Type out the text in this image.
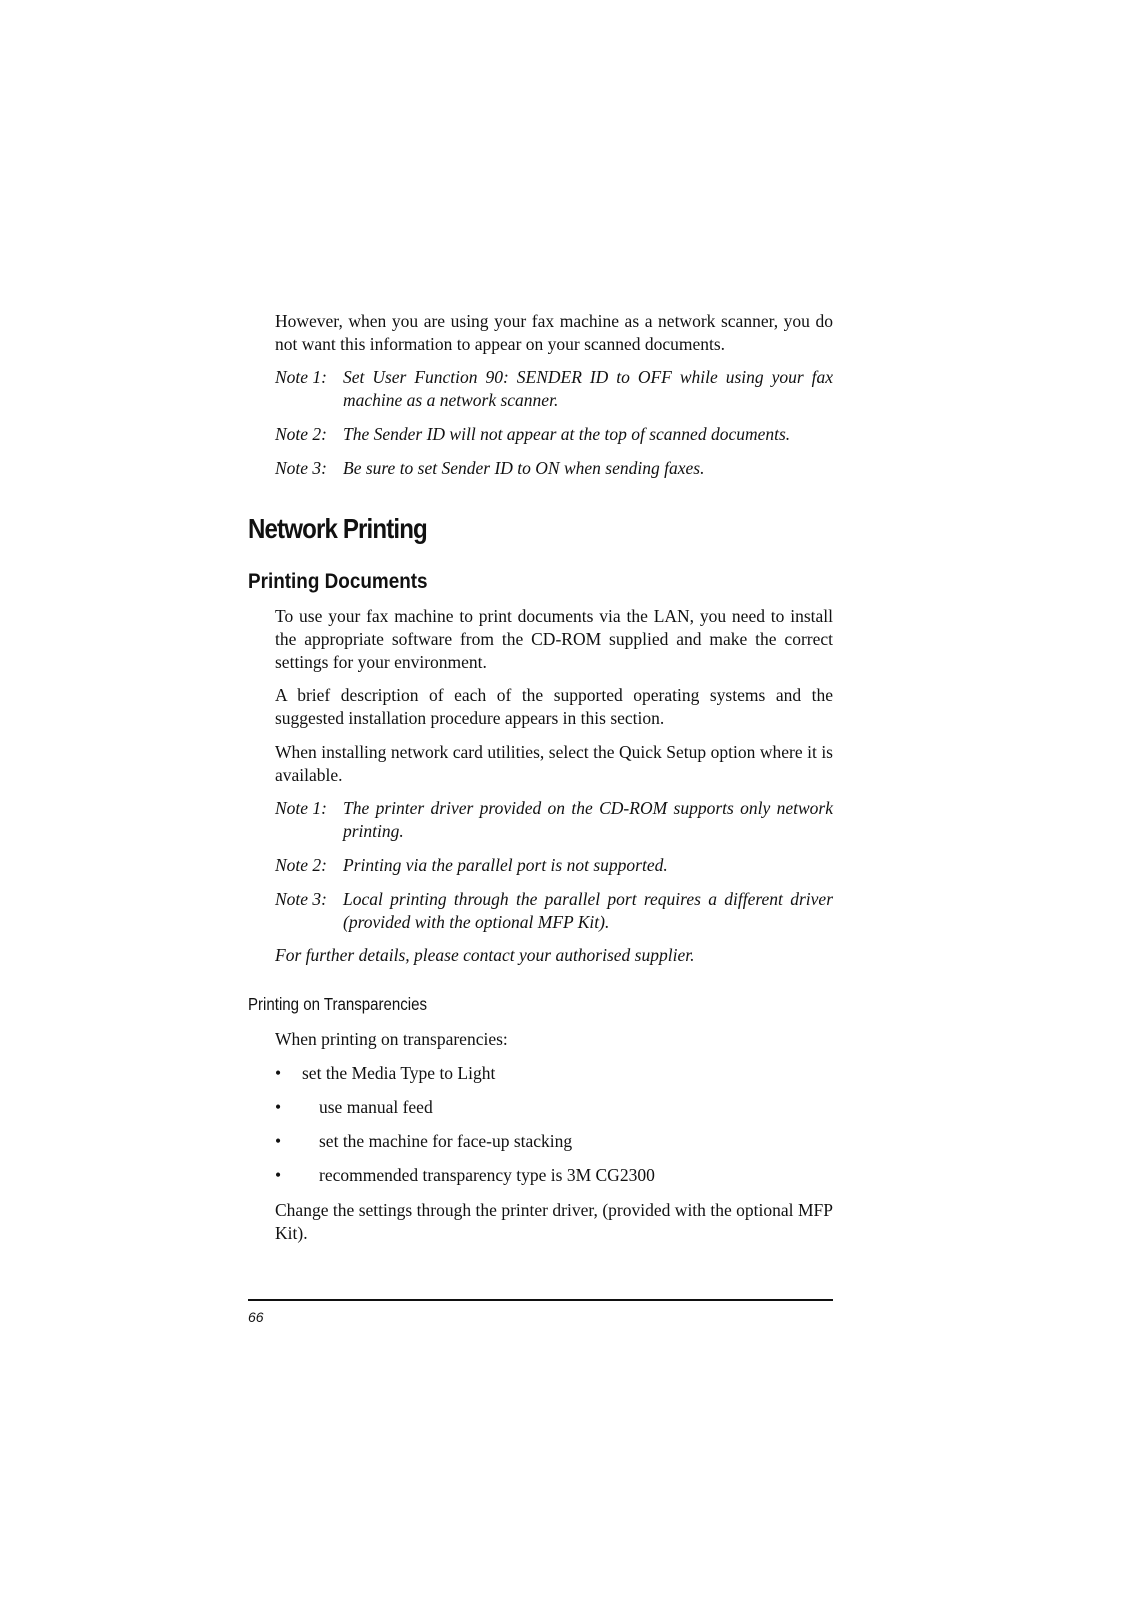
However, when you are using your fax machine as a network scanner, you do not want this information to appear on your scanned documents.

Note 1: Set User Function 90: SENDER ID to OFF while using your fax machine as a network scanner.
Note 2: The Sender ID will not appear at the top of scanned documents.
Note 3: Be sure to set Sender ID to ON when sending faxes.
Network Printing
Printing Documents

To use your fax machine to print documents via the LAN, you need to install the appropriate software from the CD-ROM supplied and make the correct settings for your environment.

A brief description of each of the supported operating systems and the suggested installation procedure appears in this section.

When installing network card utilities, select the Quick Setup option where it is available.

Note 1: The printer driver provided on the CD-ROM supports only network printing.
Note 2: Printing via the parallel port is not supported.
Note 3: Local printing through the parallel port requires a different driver (provided with the optional MFP Kit).
For further details, please contact your authorised supplier.
Printing on Transparencies
When printing on transparencies:
• set the Media Type to Light
• use manual feed
• set the machine for face-up stacking
• recommended transparency type is 3M CG2300

Change the settings through the printer driver, (provided with the optional MFP Kit).

66
